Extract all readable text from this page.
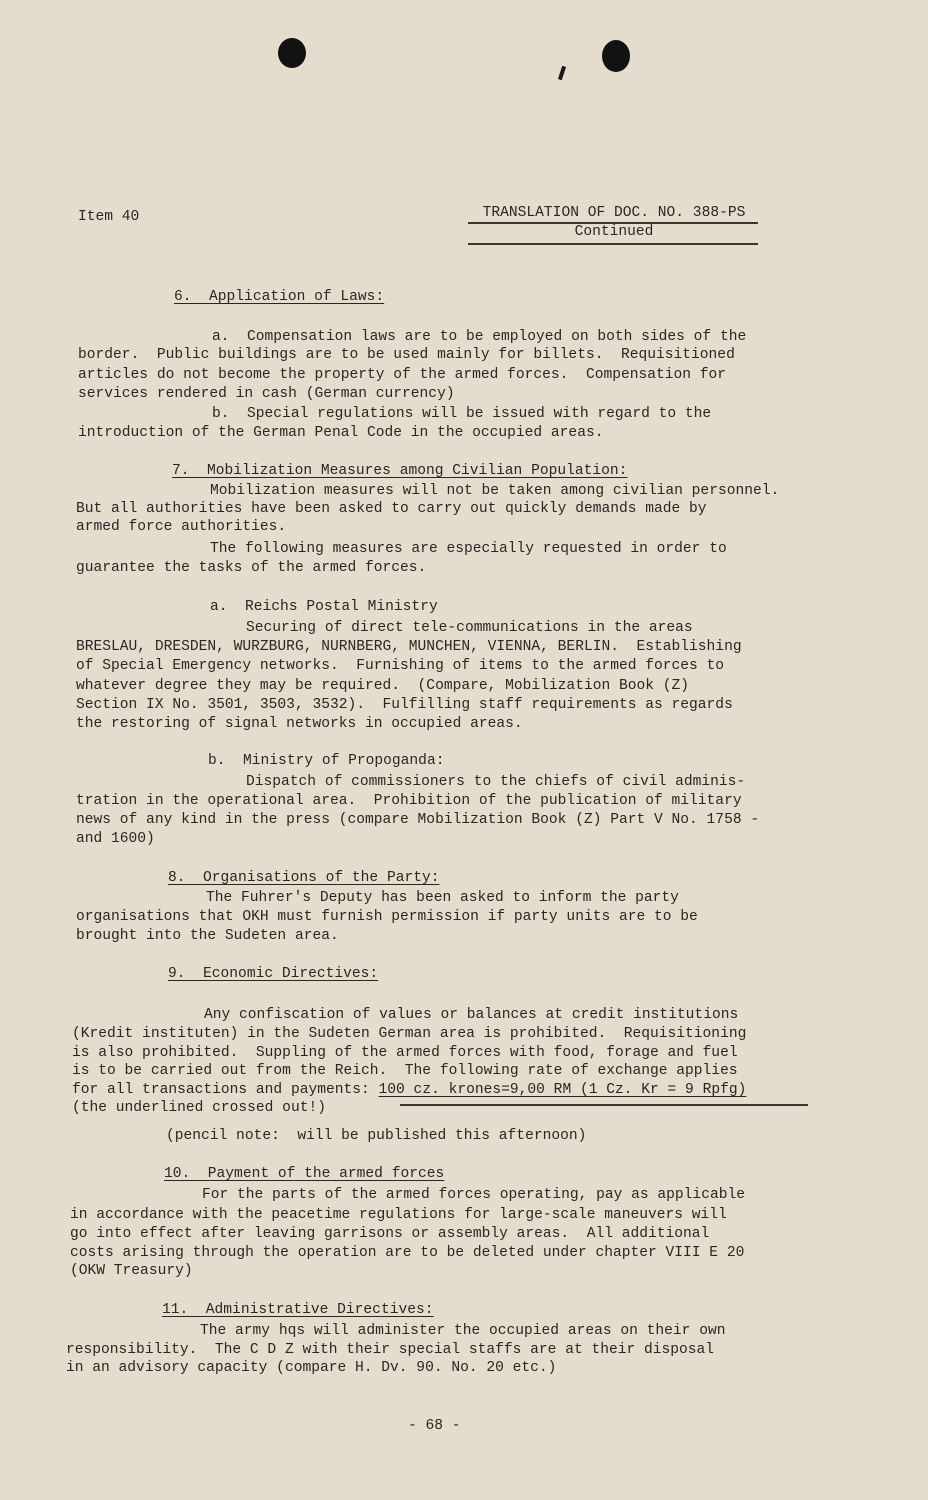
Item 40	TRANSLATION OF DOC. NO. 388-PS
Continued
6.  Application of Laws:
a.  Compensation laws are to be employed on both sides of the
border.  Public buildings are to be used mainly for billets.  Requisitioned
articles do not become the property of the armed forces.  Compensation for
services rendered in cash (German currency)
b.  Special regulations will be issued with regard to the
introduction of the German Penal Code in the occupied areas.
7.  Mobilization Measures among Civilian Population:
Mobilization measures will not be taken among civilian personnel.
But all authorities have been asked to carry out quickly demands made by
armed force authorities.
The following measures are especially requested in order to
guarantee the tasks of the armed forces.
a.  Reichs Postal Ministry
Securing of direct tele-communications in the areas
BRESLAU, DRESDEN, WURZBURG, NURNBERG, MUNCHEN, VIENNA, BERLIN.  Establishing
of Special Emergency networks.  Furnishing of items to the armed forces to
whatever degree they may be required.  (Compare, Mobilization Book (Z)
Section IX No. 3501, 3503, 3532).  Fulfilling staff requirements as regards
the restoring of signal networks in occupied areas.
b.  Ministry of Propoganda:
Dispatch of commissioners to the chiefs of civil adminis-
tration in the operational area.  Prohibition of the publication of military
news of any kind in the press (compare Mobilization Book (Z) Part V No. 1758 -
and 1600)
8.  Organisations of the Party:
The Fuhrer's Deputy has been asked to inform the party
organisations that OKH must furnish permission if party units are to be
brought into the Sudeten area.
9.  Economic Directives:
Any confiscation of values or balances at credit institutions
(Kredit instituten) in the Sudeten German area is prohibited.  Requisitioning
is also prohibited.  Suppling of the armed forces with food, forage and fuel
is to be carried out from the Reich.  The following rate of exchange applies
for all transactions and payments: 100 cz. krones=9,00 RM (1 Cz. Kr = 9 Rpfg)
(the underlined crossed out!)
(pencil note:  will be published this afternoon)
10.  Payment of the armed forces
For the parts of the armed forces operating, pay as applicable
in accordance with the peacetime regulations for large-scale maneuvers will
go into effect after leaving garrisons or assembly areas.  All additional
costs arising through the operation are to be deleted under chapter VIII E 20
(OKW Treasury)
11.  Administrative Directives:
The army hqs will administer the occupied areas on their own
responsibility.  The C D Z with their special staffs are at their disposal
in an advisory capacity (compare H. Dv. 90. No. 20 etc.)
- 68 -
